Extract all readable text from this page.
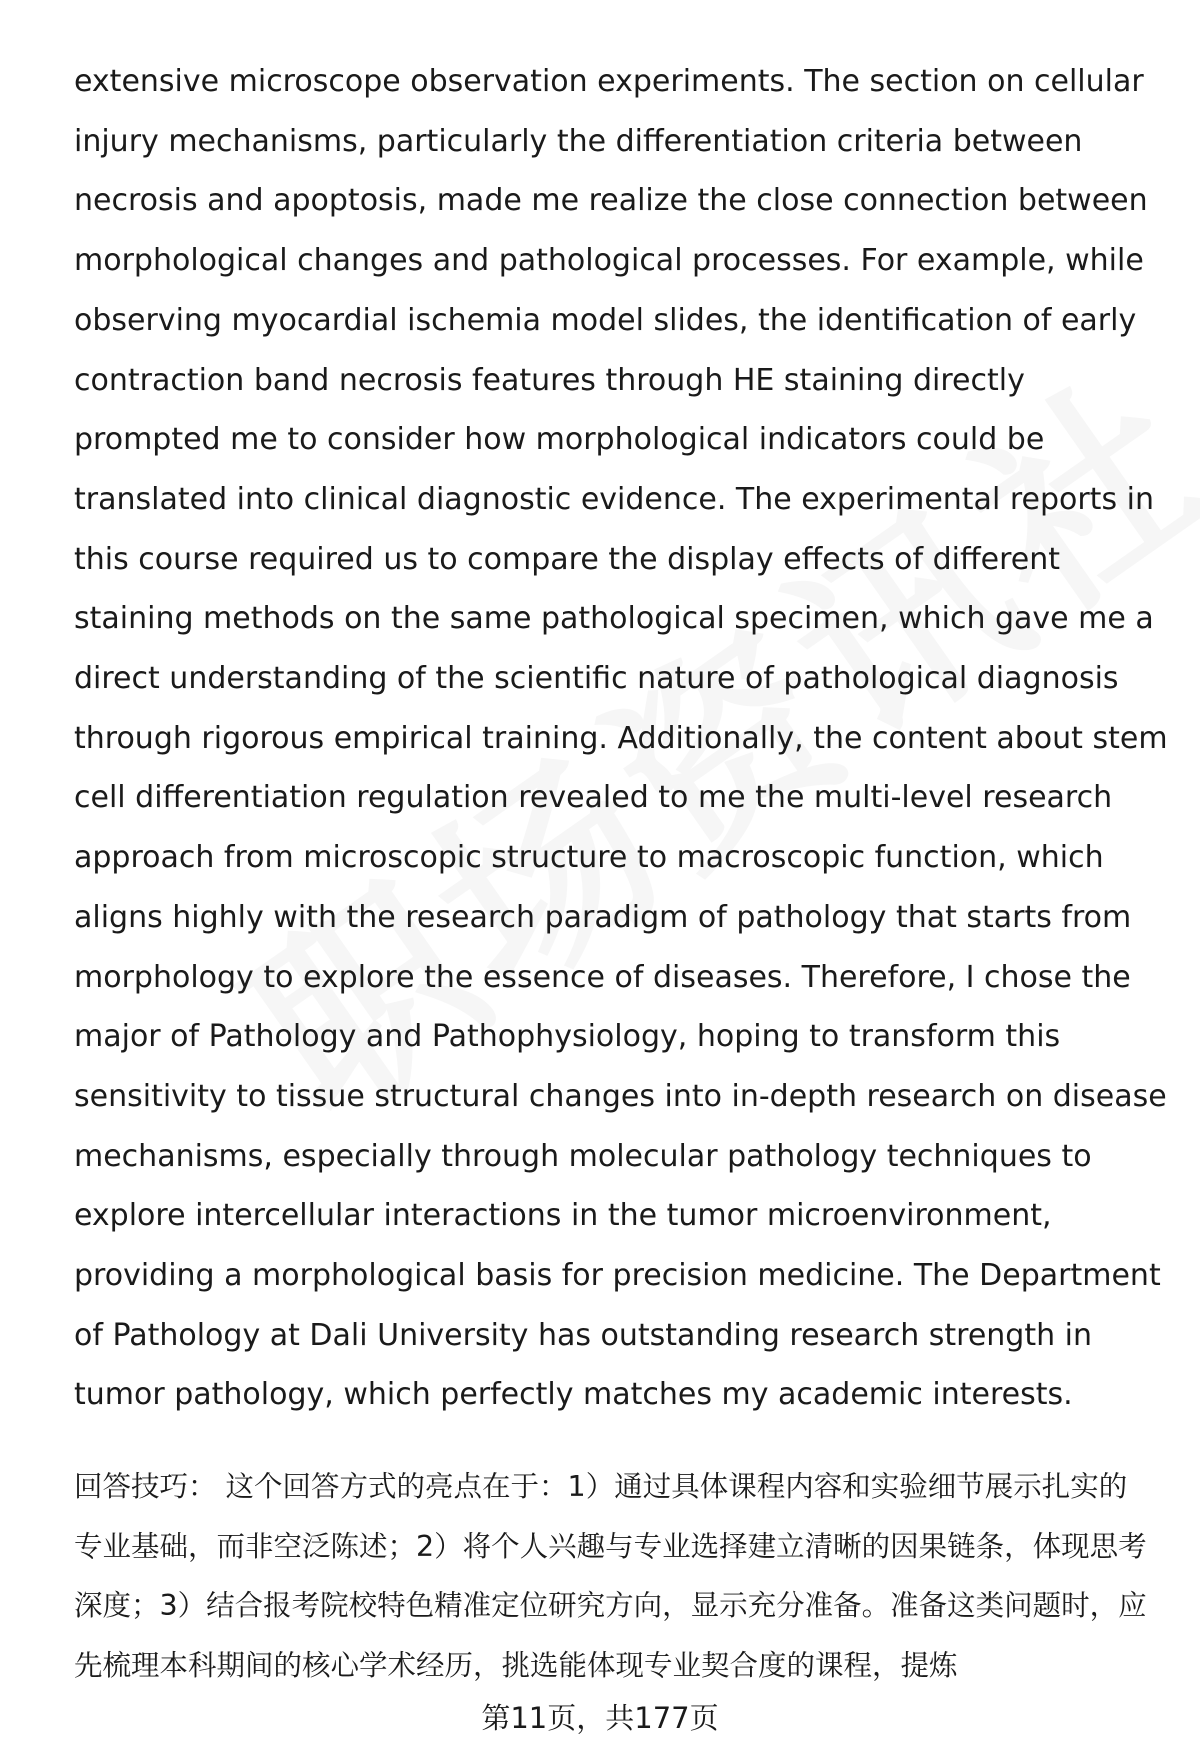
extensive microscope observation experiments. The section on cellular injury mechanisms, particularly the differentiation criteria between necrosis and apoptosis, made me realize the close connection between morphological changes and pathological processes. For example, while observing myocardial ischemia model slides, the identification of early contraction band necrosis features through HE staining directly prompted me to consider how morphological indicators could be translated into clinical diagnostic evidence. The experimental reports in this course required us to compare the display effects of different staining methods on the same pathological specimen, which gave me a direct understanding of the scientific nature of pathological diagnosis through rigorous empirical training. Additionally, the content about stem cell differentiation regulation revealed to me the multi-level research approach from microscopic structure to macroscopic function, which aligns highly with the research paradigm of pathology that starts from morphology to explore the essence of diseases. Therefore, I chose the major of Pathology and Pathophysiology, hoping to transform this sensitivity to tissue structural changes into in-depth research on disease mechanisms, especially through molecular pathology techniques to explore intercellular interactions in the tumor microenvironment, providing a morphological basis for precision medicine. The Department of Pathology at Dali University has outstanding research strength in tumor pathology, which perfectly matches my academic interests.

回答技巧： 这个回答方式的亮点在于：1）通过具体课程内容和实验细节展示扎实的专业基础，而非空泛陈述；2）将个人兴趣与专业选择建立清晰的因果链条，体现思考深度；3）结合报考院校特色精准定位研究方向，显示充分准备。准备这类问题时，应先梳理本科期间的核心学术经历，挑选能体现专业契合度的课程，提炼

第11页，共177页
